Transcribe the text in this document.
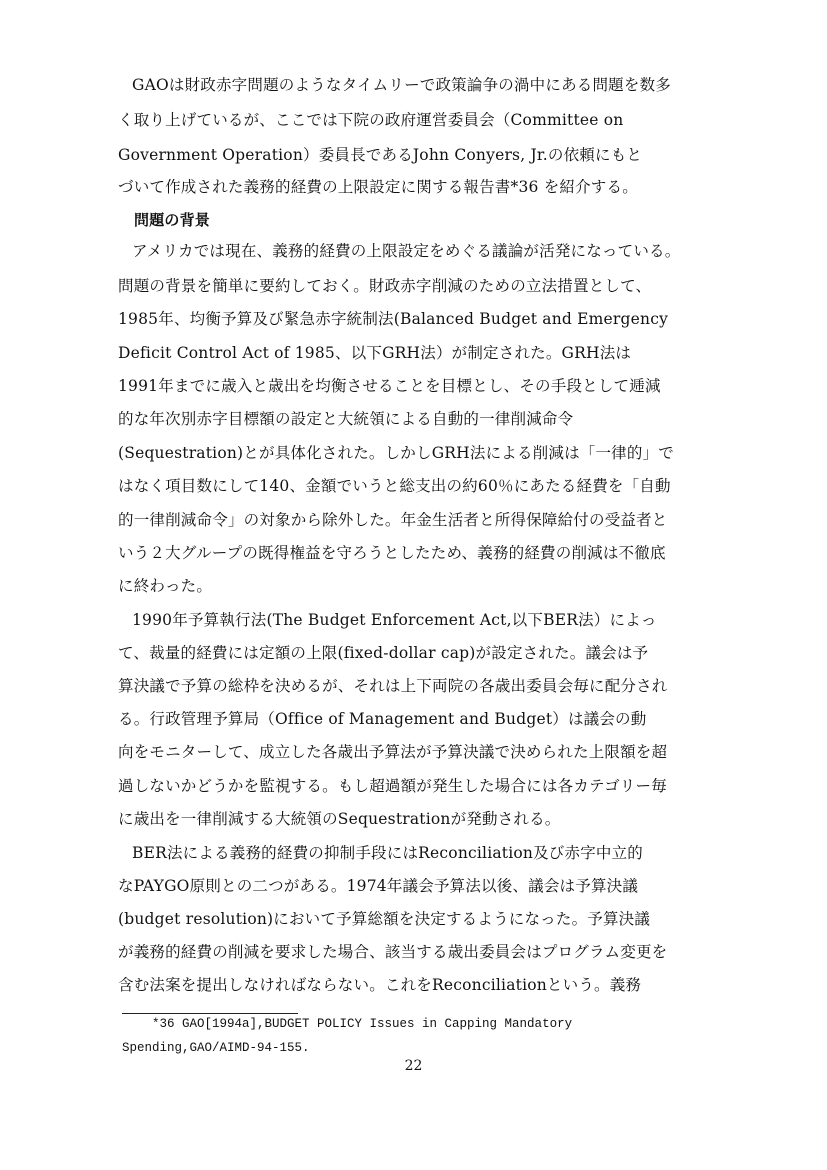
GAOは財政赤字問題のようなタイムリーで政策論争の渦中にある問題を数多
く取り上げているが、ここでは下院の政府運営委員会（Committee on
Government Operation）委員長であるJohn Conyers, Jr.の依頼にもと
づいて作成された義務的経費の上限設定に関する報告書*36 を紹介する。
問題の背景
アメリカでは現在、義務的経費の上限設定をめぐる議論が活発になっている。
問題の背景を簡単に要約しておく。財政赤字削減のための立法措置として、
1985年、均衡予算及び緊急赤字統制法(Balanced Budget and Emergency
Deficit Control Act of 1985、以下GRH法）が制定された。GRH法は
1991年までに歳入と歳出を均衡させることを目標とし、その手段として逓減
的な年次別赤字目標額の設定と大統領による自動的一律削減命令
(Sequestration)とが具体化された。しかしGRH法による削減は「一律的」で
はなく項目数にして140、金額でいうと総支出の約60％にあたる経費を「自動
的一律削減命令」の対象から除外した。年金生活者と所得保障給付の受益者と
いう２大グループの既得権益を守ろうとしたため、義務的経費の削減は不徹底
に終わった。
1990年予算執行法(The Budget Enforcement Act,以下BER法）によっ
て、裁量的経費には定額の上限(fixed-dollar cap)が設定された。議会は予
算決議で予算の総枠を決めるが、それは上下両院の各歳出委員会毎に配分され
る。行政管理予算局（Office of Management and Budget）は議会の動
向をモニターして、成立した各歳出予算法が予算決議で決められた上限額を超
過しないかどうかを監視する。もし超過額が発生した場合には各カテゴリー毎
に歳出を一律削減する大統領のSequestrationが発動される。
BER法による義務的経費の抑制手段にはReconciliation及び赤字中立的
なPAYGO原則との二つがある。1974年議会予算法以後、議会は予算決議
(budget resolution)において予算総額を決定するようになった。予算決議
が義務的経費の削減を要求した場合、該当する歳出委員会はプログラム変更を
含む法案を提出しなければならない。これをReconciliationという。義務
*36 GAO[1994a],BUDGET POLICY Issues in Capping Mandatory
Spending,GAO/AIMD-94-155.
22
